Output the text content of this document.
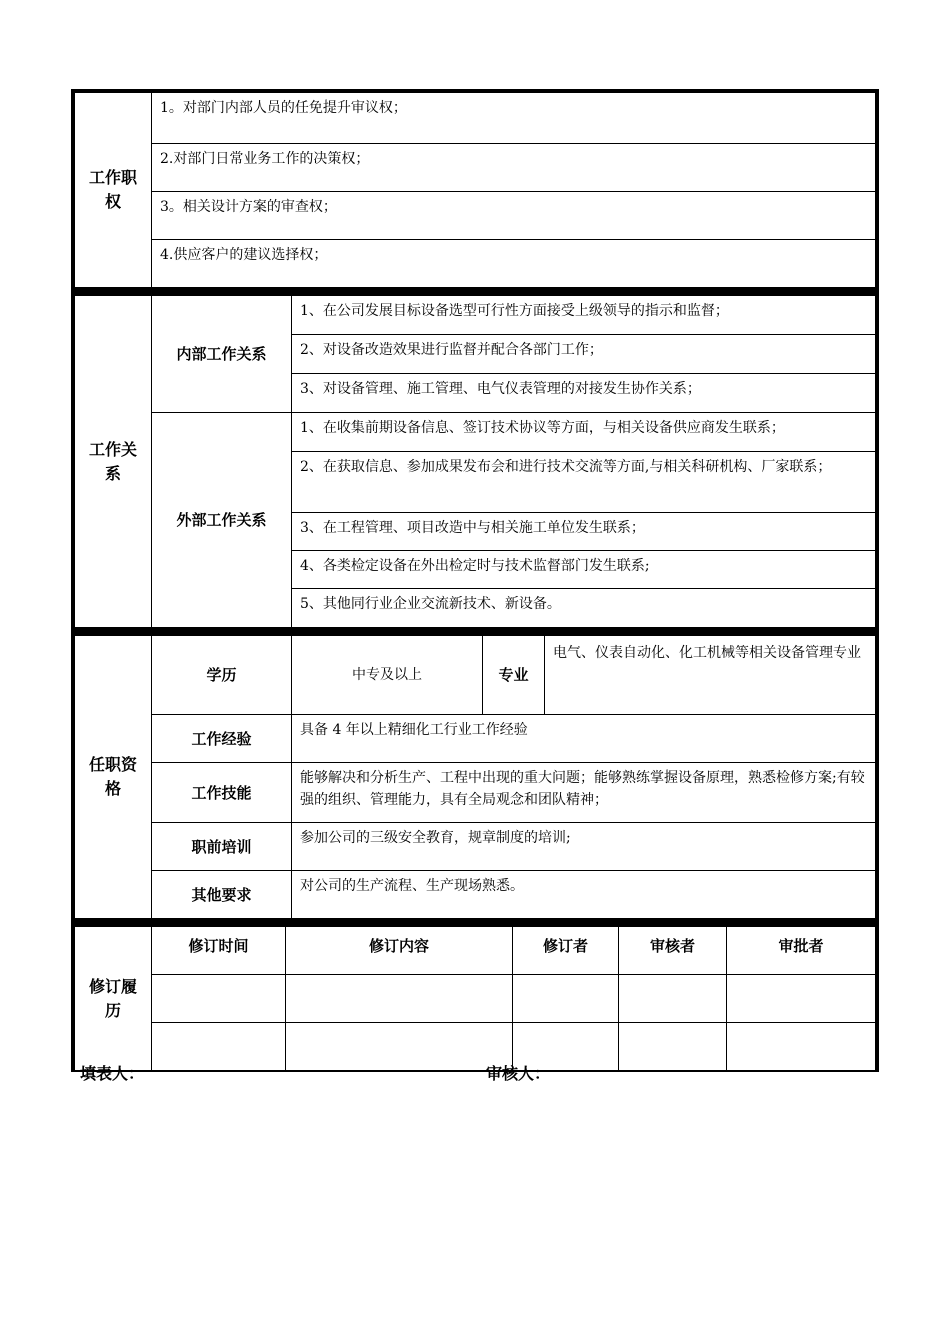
工作职权	1。对部门内部人员的任免提升审议权；
2.对部门日常业务工作的决策权；
3。相关设计方案的审查权；
4.供应客户的建议选择权；
工作关系	内部工作关系	1、在公司发展目标设备选型可行性方面接受上级领导的指示和监督；
		2、对设备改造效果进行监督并配合各部门工作；
		3、对设备管理、施工管理、电气仪表管理的对接发生协作关系；
	外部工作关系	1、在收集前期设备信息、签订技术协议等方面，与相关设备供应商发生联系；
		2、在获取信息、参加成果发布会和进行技术交流等方面,与相关科研机构、厂家联系；
		3、在工程管理、项目改造中与相关施工单位发生联系；
		4、各类检定设备在外出检定时与技术监督部门发生联系;
		5、其他同行业企业交流新技术、新设备。
任职资格	学历	中专及以上	专业	电气、仪表自动化、化工机械等相关设备管理专业
	工作经验	具备 4 年以上精细化工行业工作经验		
	工作技能	能够解决和分析生产、工程中出现的重大问题；能够熟练掌握设备原理，熟悉检修方案;有较强的组织、管理能力，具有全局观念和团队精神；		
	职前培训	参加公司的三级安全教育，规章制度的培训;		
	其他要求	对公司的生产流程、生产现场熟悉。		
修订履历	修订时间	修订内容	修订者	审核者	审批者

填表人：	审核人：
